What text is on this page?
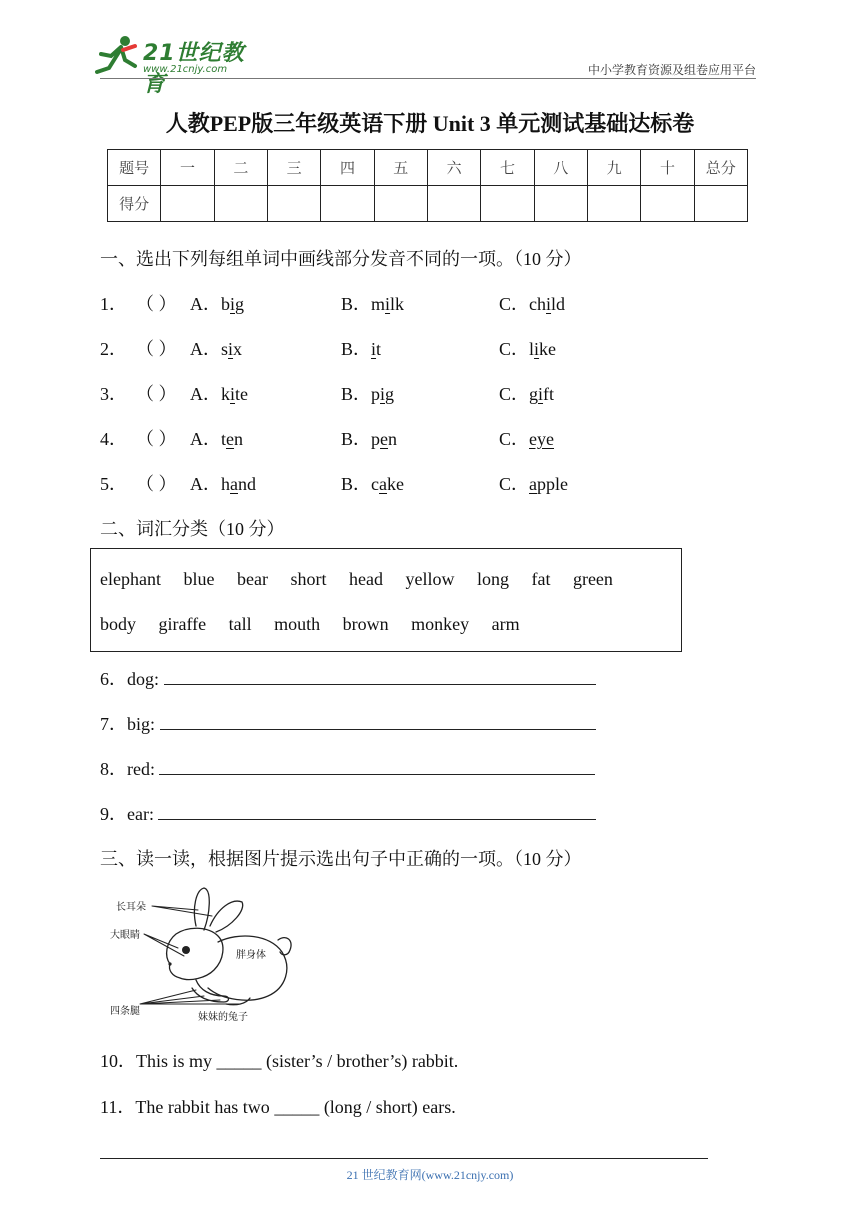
21世纪教育
www.21cnjy.com	中小学教育资源及组卷应用平台
人教PEP版三年级英语下册 Unit 3 单元测试基础达标卷
题号	一	二	三	四	五	六	七	八	九	十	总分
得分											
一、选出下列每组单词中画线部分发音不同的一项。（10 分）
1． （ ） A．big	B．milk	C．child
2． （ ） A．six	B．it	C．like
3． （ ） A．kite	B．pig	C．gift
4． （ ） A．ten	B．pen	C．eye
5． （ ） A．hand	B．cake	C．apple
二、词汇分类（10 分）
elephant blue bear short head yellow long fat green
body giraffe tall mouth brown monkey arm
6．dog:
7．big:
8．red:
9．ear:
三、读一读，根据图片提示选出句子中正确的一项。（10 分）
长耳朵
大眼睛
胖身体
四条腿
妹妹的兔子
10．This is my _____ (sister’s / brother’s) rabbit.
11．The rabbit has two _____ (long / short) ears.
21 世纪教育网(www.21cnjy.com)
